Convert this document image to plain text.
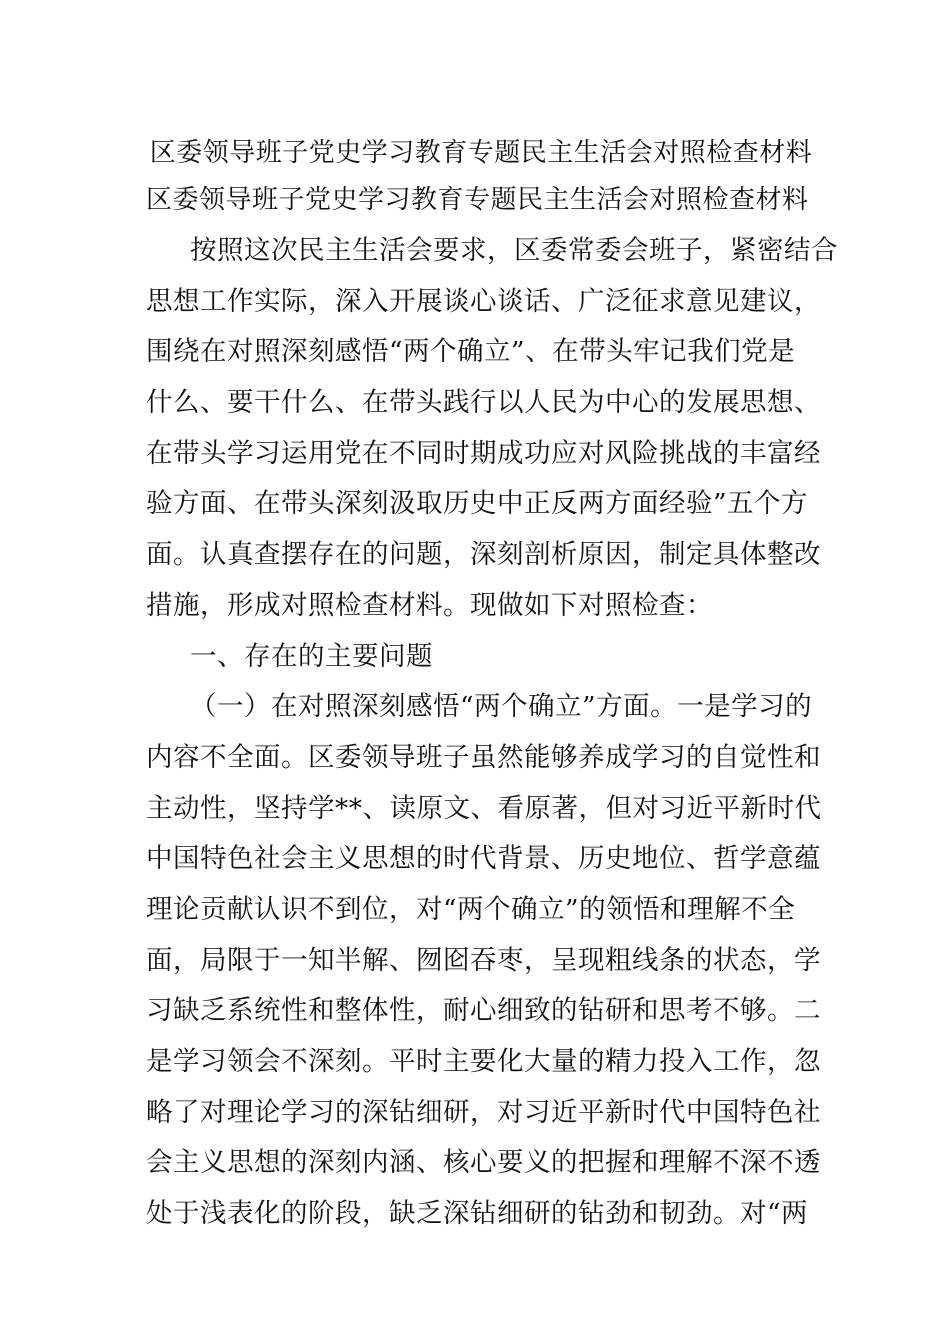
区委领导班子党史学习教育专题民主生活会对照检查材料
区委领导班子党史学习教育专题民主生活会对照检查材料
按照这次民主生活会要求，区委常委会班子，紧密结合
思想工作实际，深入开展谈心谈话、广泛征求意见建议，
围绕在对照深刻感悟“两个确立”、在带头牢记我们党是
什么、要干什么、在带头践行以人民为中心的发展思想、
在带头学习运用党在不同时期成功应对风险挑战的丰富经
验方面、在带头深刻汲取历史中正反两方面经验”五个方
面。认真查摆存在的问题，深刻剖析原因，制定具体整改
措施，形成对照检查材料。现做如下对照检查：
一、存在的主要问题
（一）在对照深刻感悟“两个确立”方面。一是学习的
内容不全面。区委领导班子虽然能够养成学习的自觉性和
主动性，坚持学**、读原文、看原著，但对习近平新时代
中国特色社会主义思想的时代背景、历史地位、哲学意蕴
理论贡献认识不到位，对“两个确立”的领悟和理解不全
面，局限于一知半解、囫囵吞枣，呈现粗线条的状态，学
习缺乏系统性和整体性，耐心细致的钻研和思考不够。二
是学习领会不深刻。平时主要化大量的精力投入工作，忽
略了对理论学习的深钻细研，对习近平新时代中国特色社
会主义思想的深刻内涵、核心要义的把握和理解不深不透
处于浅表化的阶段，缺乏深钻细研的钻劲和韧劲。对“两
